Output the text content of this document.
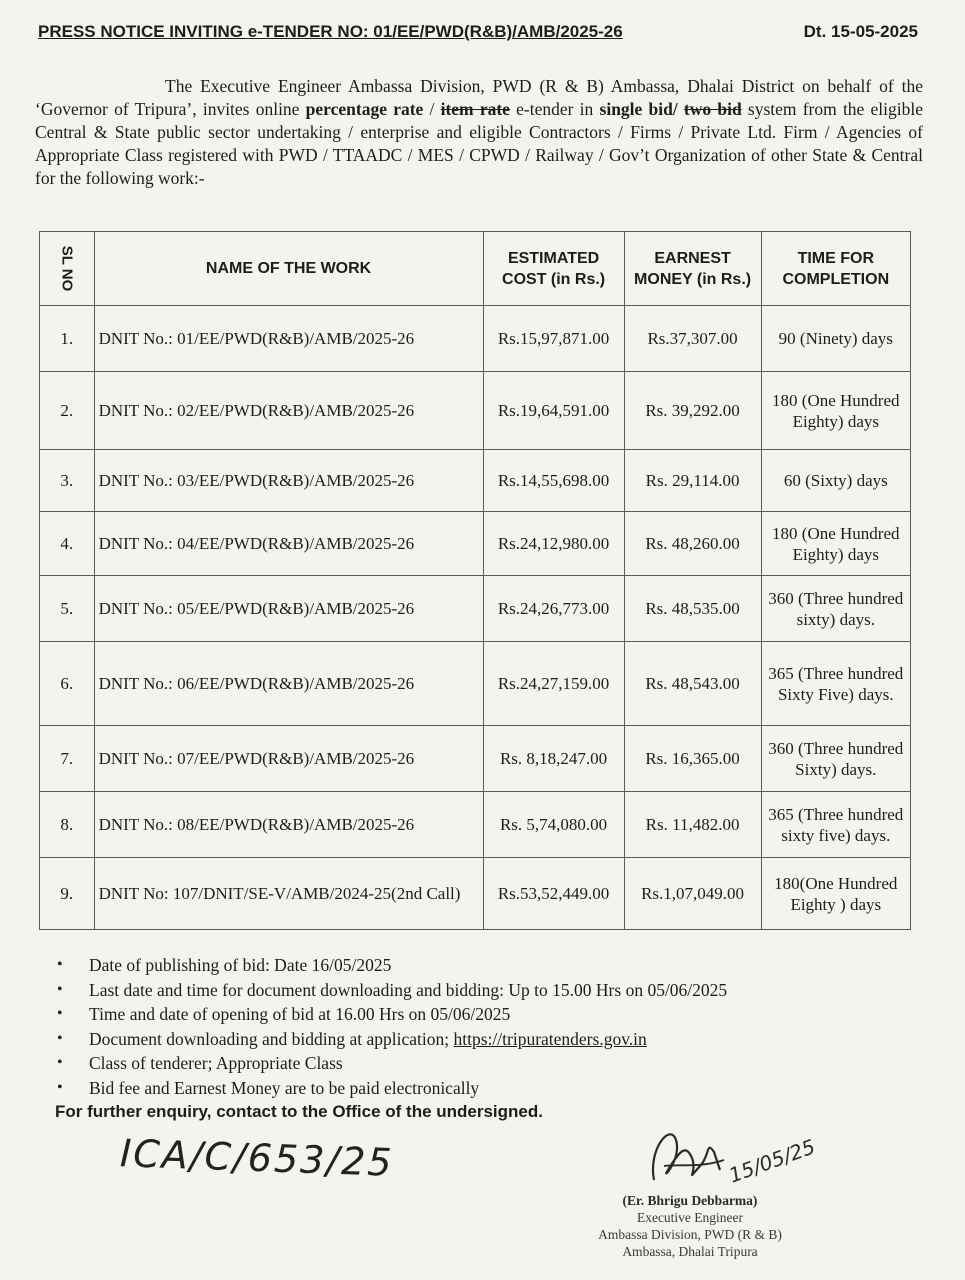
PRESS NOTICE INVITING e-TENDER NO: 01/EE/PWD(R&B)/AMB/2025-26	Dt. 15-05-2025
The Executive Engineer Ambassa Division, PWD (R & B) Ambassa, Dhalai District on behalf of the ‘Governor of Tripura’, invites online percentage rate / item rate e-tender in single bid/ two bid system from the eligible Central & State public sector undertaking / enterprise and eligible Contractors / Firms / Private Ltd. Firm / Agencies of Appropriate Class registered with PWD / TTAADC / MES / CPWD / Railway / Gov’t Organization of other State & Central for the following work:-
SL NO	NAME OF THE WORK	ESTIMATED COST (in Rs.)	EARNEST MONEY (in Rs.)	TIME FOR COMPLETION
1.	DNIT No.: 01/EE/PWD(R&B)/AMB/2025-26	Rs.15,97,871.00	Rs.37,307.00	90 (Ninety) days
2.	DNIT No.: 02/EE/PWD(R&B)/AMB/2025-26	Rs.19,64,591.00	Rs. 39,292.00	180 (One Hundred Eighty) days
3.	DNIT No.: 03/EE/PWD(R&B)/AMB/2025-26	Rs.14,55,698.00	Rs. 29,114.00	60 (Sixty) days
4.	DNIT No.: 04/EE/PWD(R&B)/AMB/2025-26	Rs.24,12,980.00	Rs. 48,260.00	180 (One Hundred Eighty) days
5.	DNIT No.: 05/EE/PWD(R&B)/AMB/2025-26	Rs.24,26,773.00	Rs. 48,535.00	360 (Three hundred sixty) days.
6.	DNIT No.: 06/EE/PWD(R&B)/AMB/2025-26	Rs.24,27,159.00	Rs. 48,543.00	365 (Three hundred Sixty Five) days.
7.	DNIT No.: 07/EE/PWD(R&B)/AMB/2025-26	Rs. 8,18,247.00	Rs. 16,365.00	360 (Three hundred Sixty) days.
8.	DNIT No.: 08/EE/PWD(R&B)/AMB/2025-26	Rs. 5,74,080.00	Rs. 11,482.00	365 (Three hundred sixty five) days.
9.	DNIT No: 107/DNIT/SE-V/AMB/2024-25(2nd Call)	Rs.53,52,449.00	Rs.1,07,049.00	180(One Hundred Eighty ) days
• Date of publishing of bid: Date 16/05/2025
• Last date and time for document downloading and bidding: Up to 15.00 Hrs on 05/06/2025
• Time and date of opening of bid at 16.00 Hrs on 05/06/2025
• Document downloading and bidding at application; https://tripuratenders.gov.in
• Class of tenderer; Appropriate Class
• Bid fee and Earnest Money are to be paid electronically
For further enquiry, contact to the Office of the undersigned.
ICA/C/653/25	15/05/25
(Er. Bhrigu Debbarma)
Executive Engineer
Ambassa Division, PWD (R & B)
Ambassa, Dhalai Tripura
